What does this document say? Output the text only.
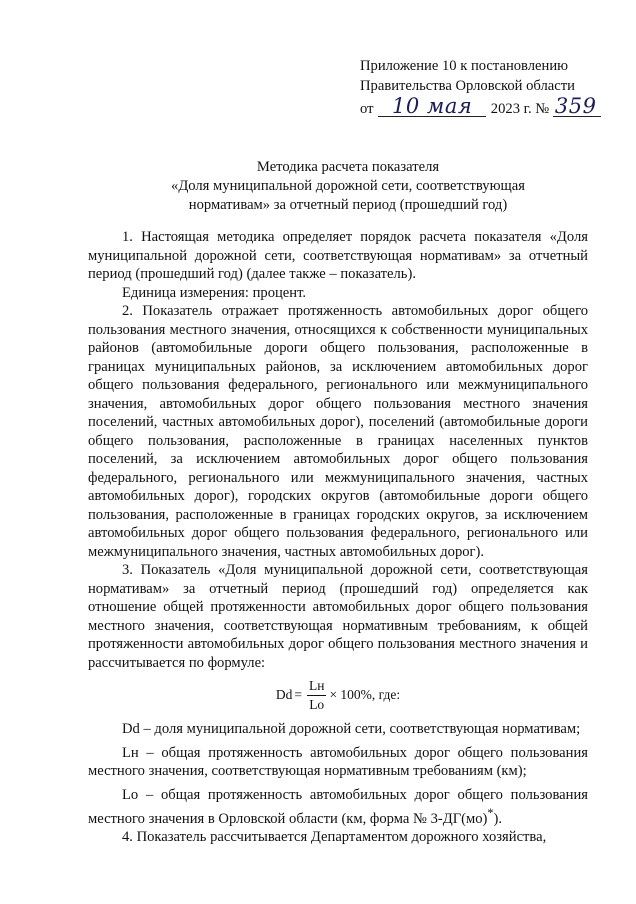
Приложение 10 к постановлению
Правительства Орловской области
от 10 мая 2023 г. № 359
Методика расчета показателя
«Доля муниципальной дорожной сети, соответствующая
нормативам» за отчетный период (прошедший год)

1. Настоящая методика определяет порядок расчета показателя «Доля муниципальной дорожной сети, соответствующая нормативам» за отчетный период (прошедший год) (далее также – показатель).

Единица измерения: процент.

2. Показатель отражает протяженность автомобильных дорог общего пользования местного значения, относящихся к собственности муниципальных районов (автомобильные дороги общего пользования, расположенные в границах муниципальных районов, за исключением автомобильных дорог общего пользования федерального, регионального или межмуниципального значения, автомобильных дорог общего пользования местного значения поселений, частных автомобильных дорог), поселений (автомобильные дороги общего пользования, расположенные в границах населенных пунктов поселений, за исключением автомобильных дорог общего пользования федерального, регионального или межмуниципального значения, частных автомобильных дорог), городских округов (автомобильные дороги общего пользования, расположенные в границах городских округов, за исключением автомобильных дорог общего пользования федерального, регионального или межмуниципального значения, частных автомобильных дорог).

3. Показатель «Доля муниципальной дорожной сети, соответствующая нормативам» за отчетный период (прошедший год) определяется как отношение общей протяженности автомобильных дорог общего пользования местного значения, соответствующая нормативным требованиям, к общей протяженности автомобильных дорог общего пользования местного значения и рассчитывается по формуле:

$Dd = \frac{Lн}{Lо} \times 100\%$,
где:

Dd – доля муниципальной дорожной сети, соответствующая нормативам;

Lн – общая протяженность автомобильных дорог общего пользования местного значения, соответствующая нормативным требованиям (км);

Lо – общая протяженность автомобильных дорог общего пользования местного значения в Орловской области (км, форма № 3-ДГ(мо)*).

4. Показатель рассчитывается Департаментом дорожного хозяйства,
